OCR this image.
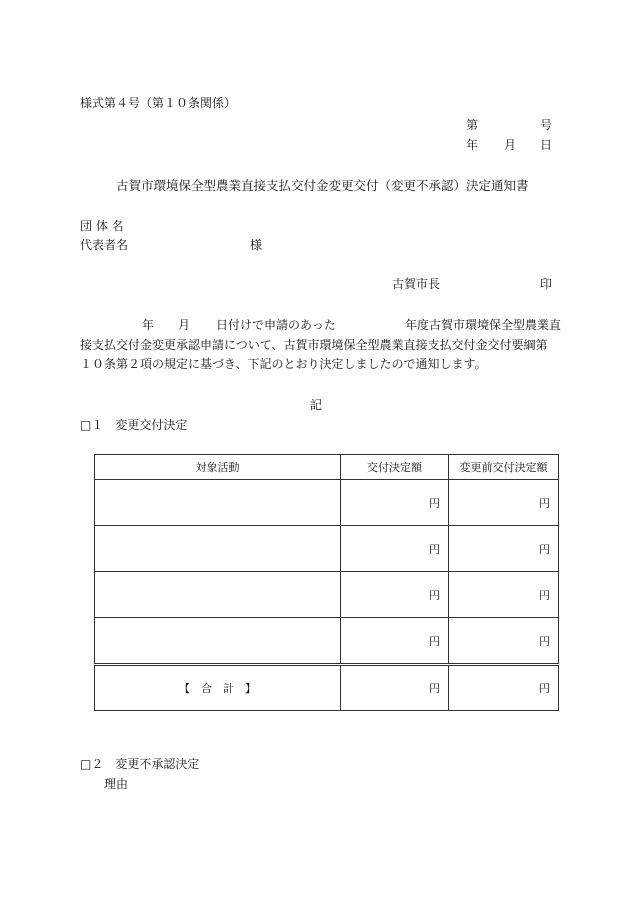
様式第４号（第１０条関係）
第	号
年 月 日
古賀市環境保全型農業直接支払交付金変更交付（変更不承認）決定通知書
団 体 名
代表者名	様
古賀市長	印
年 月 日付けで申請のあった	年度古賀市環境保全型農業直
接支払交付金変更承認申請について、古賀市環境保全型農業直接支払交付金交付要綱第
１０条第２項の規定に基づき、下記のとおり決定しましたので通知します。
記
□１　変更交付決定
対象活動	交付決定額	変更前交付決定額
	円	円
	円	円
	円	円
	円	円
【　合　計　】	円	円
□２　変更不承認決定
理由
